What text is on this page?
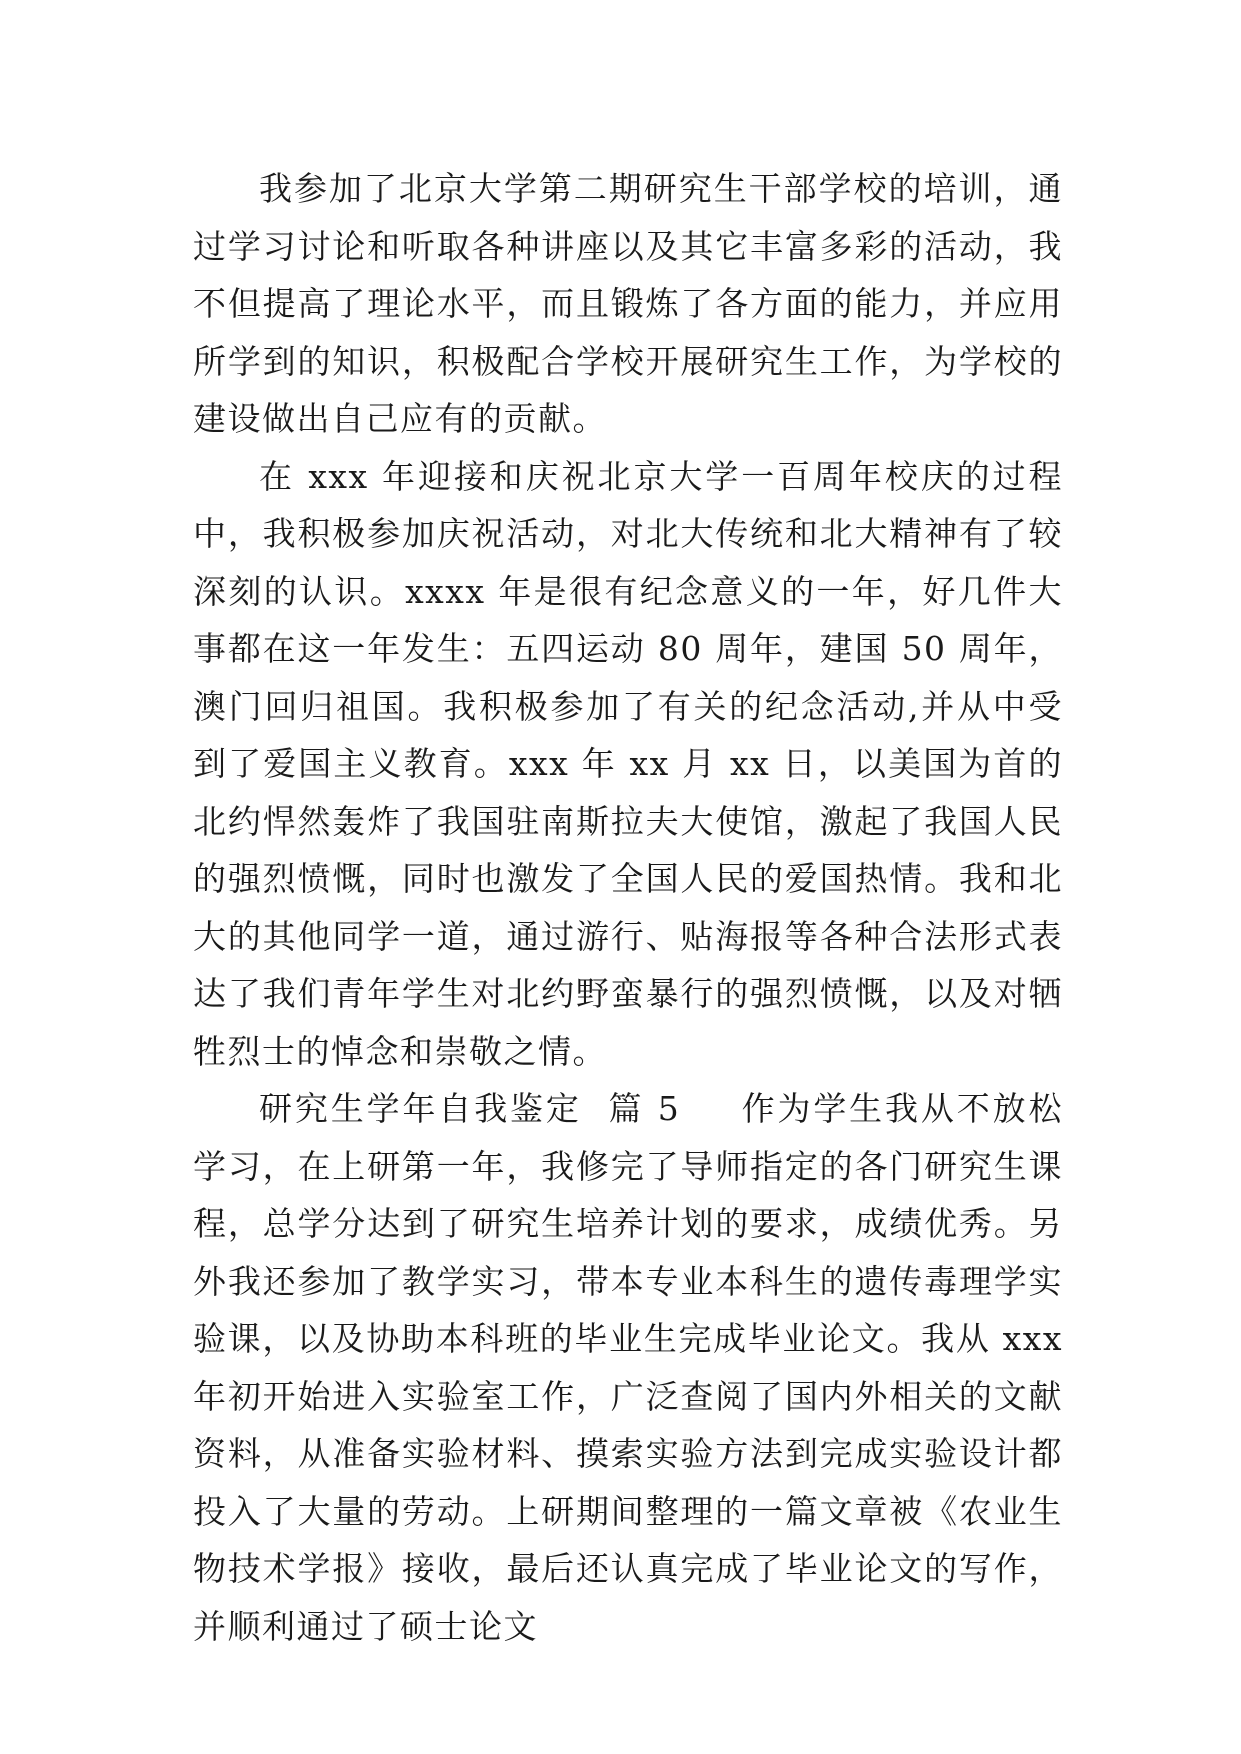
我参加了北京大学第二期研究生干部学校的培训，通过学习讨论和听取各种讲座以及其它丰富多彩的活动，我不但提高了理论水平，而且锻炼了各方面的能力，并应用所学到的知识，积极配合学校开展研究生工作，为学校的建设做出自己应有的贡献。

在 xxx 年迎接和庆祝北京大学一百周年校庆的过程中，我积极参加庆祝活动，对北大传统和北大精神有了较深刻的认识。xxxx 年是很有纪念意义的一年，好几件大事都在这一年发生：五四运动 80 周年，建国 50 周年，澳门回归祖国。我积极参加了有关的纪念活动,并从中受到了爱国主义教育。xxx 年 xx 月 xx 日，以美国为首的北约悍然轰炸了我国驻南斯拉夫大使馆，激起了我国人民的强烈愤慨，同时也激发了全国人民的爱国热情。我和北大的其他同学一道，通过游行、贴海报等各种合法形式表达了我们青年学生对北约野蛮暴行的强烈愤慨，以及对牺牲烈士的悼念和崇敬之情。

研究生学年自我鉴定  篇 5 作为学生我从不放松学习，在上研第一年，我修完了导师指定的各门研究生课程，总学分达到了研究生培养计划的要求，成绩优秀。另外我还参加了教学实习，带本专业本科生的遗传毒理学实验课，以及协助本科班的毕业生完成毕业论文。我从 xxx 年初开始进入实验室工作，广泛查阅了国内外相关的文献资料，从准备实验材料、摸索实验方法到完成实验设计都投入了大量的劳动。上研期间整理的一篇文章被《农业生物技术学报》接收，最后还认真完成了毕业论文的写作，并顺利通过了硕士论文
